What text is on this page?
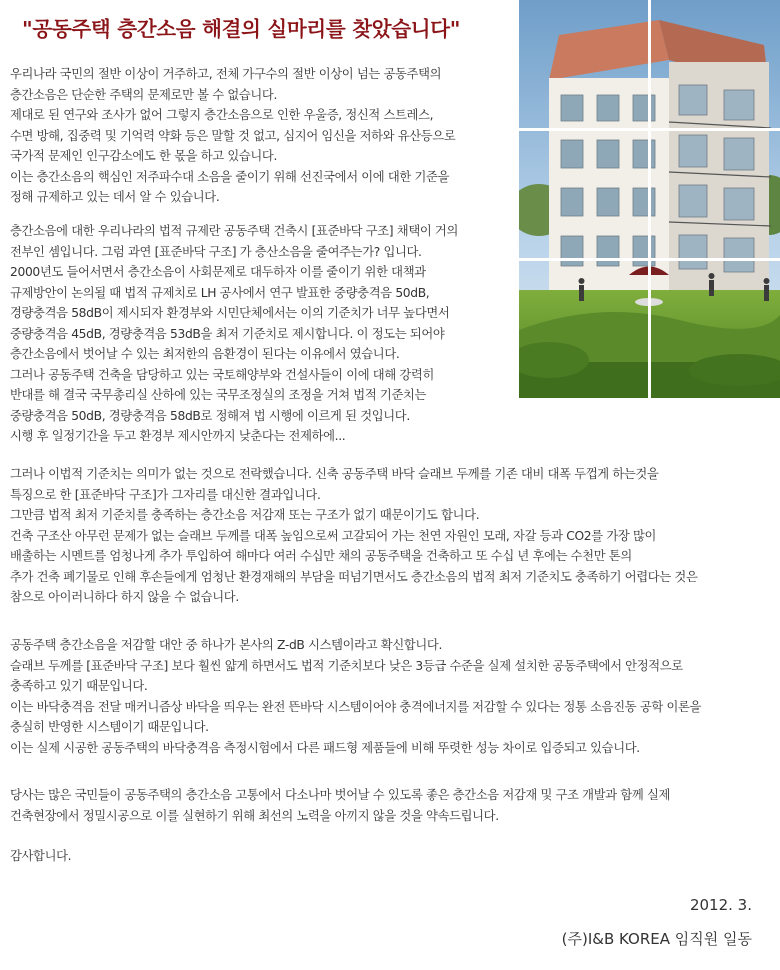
"공동주택 층간소음 해결의 실마리를 찾았습니다"
우리나라 국민의 절반 이상이 거주하고, 전체 가구수의 절반 이상이 넘는 공동주택의
층간소음은 단순한 주택의 문제로만 볼 수 없습니다.
제대로 된 연구와 조사가 없어 그렇지 층간소음으로 인한 우울증, 정신적 스트레스,
수면 방해, 집중력 및 기억력 약화 등은 말할 것 없고, 심지어 임신을 저하와 유산등으로
국가적 문제인 인구감소에도 한 몫을 하고 있습니다.
이는 층간소음의 핵심인 저주파수대 소음을 줄이기 위해 선진국에서 이에 대한 기준을
정해 규제하고 있는 데서 알 수 있습니다.
층간소음에 대한 우리나라의 법적 규제란 공동주택 건축시 [표준바닥 구조] 채택이 거의
전부인 셈입니다. 그럼 과연 [표준바닥 구조] 가 층산소음을 줄여주는가? 입니다.
2000년도 들어서면서 층간소음이 사회문제로 대두하자 이를 줄이기 위한 대책과
규제방안이 논의될 때 법적 규제치로 LH 공사에서 연구 발표한 중량충격음 50dB,
경량충격음 58dB이 제시되자 환경부와 시민단체에서는 이의 기준치가 너무 높다면서
중량충격음 45dB, 경량충격음 53dB을 최저 기준치로 제시합니다. 이 정도는 되어야
층간소음에서 벗어날 수 있는 최저한의 음환경이 된다는 이유에서 였습니다.
그러나 공동주택 건축을 담당하고 있는 국토해양부와 건설사들이 이에 대해 강력히
반대를 해 결국 국무총리실 산하에 있는 국무조정실의 조정을 거쳐 법적 기준치는
중량충격음 50dB, 경량충격음 58dB로 정해져 법 시행에 이르게 된 것입니다.
시행 후 일정기간을 두고 환경부 제시안까지 낮춘다는 전제하에...
그러나 이법적 기준치는 의미가 없는 것으로 전락했습니다. 신축 공동주택 바닥 슬래브 두께를 기존 대비 대폭 두껍게 하는것을
특징으로 한 [표준바닥 구조]가 그자리를 대신한 결과입니다.
그만큼 법적 최저 기준치를 충족하는 층간소음 저감재 또는 구조가 없기 때문이기도 합니다.
건축 구조산 아무런 문제가 없는 슬래브 두께를 대폭 높임으로써 고갈되어 가는 천연 자원인 모래, 자갈 등과 CO2를 가장 많이
배출하는 시멘트를 엄청나게 추가 투입하여 해마다 여러 수십만 채의 공동주택을 건축하고 또 수십 년 후에는 수천만 톤의
추가 건축 폐기물로 인해 후손들에게 엄청난 환경재해의 부담을 떠넘기면서도 층간소음의 법적 최저 기준치도 충족하기 어렵다는 것은
참으로 아이러니하다 하지 않을 수 없습니다.
공동주택 층간소음을 저감할 대안 중 하나가 본사의 Z-dB 시스템이라고 확신합니다.
슬래브 두께를 [표준바닥 구조] 보다 훨씬 얇게 하면서도 법적 기준치보다 낮은 3등급 수준을 실제 설치한 공동주택에서 안정적으로
충족하고 있기 때문입니다.
이는 바닥충격음 전달 매커니즘상 바닥을 띄우는 완전 뜬바닥 시스템이어야 충격에너지를 저감할 수 있다는 정통 소음진동 공학 이론을
충실히 반영한 시스템이기 때문입니다.
이는 실제 시공한 공동주택의 바닥충격음 측정시험에서 다른 패드형 제품들에 비해 뚜렷한 성능 차이로 입증되고 있습니다.
당사는 많은 국민들이 공동주택의 층간소음 고통에서 다소나마 벗어날 수 있도록 좋은 층간소음 저감재 및 구조 개발과 함께 실제
건축현장에서 정밀시공으로 이를 실현하기 위해 최선의 노력을 아끼지 않을 것을 약속드립니다.
감사합니다.
2012. 3.
(주)I&B KOREA 임직원 일동
